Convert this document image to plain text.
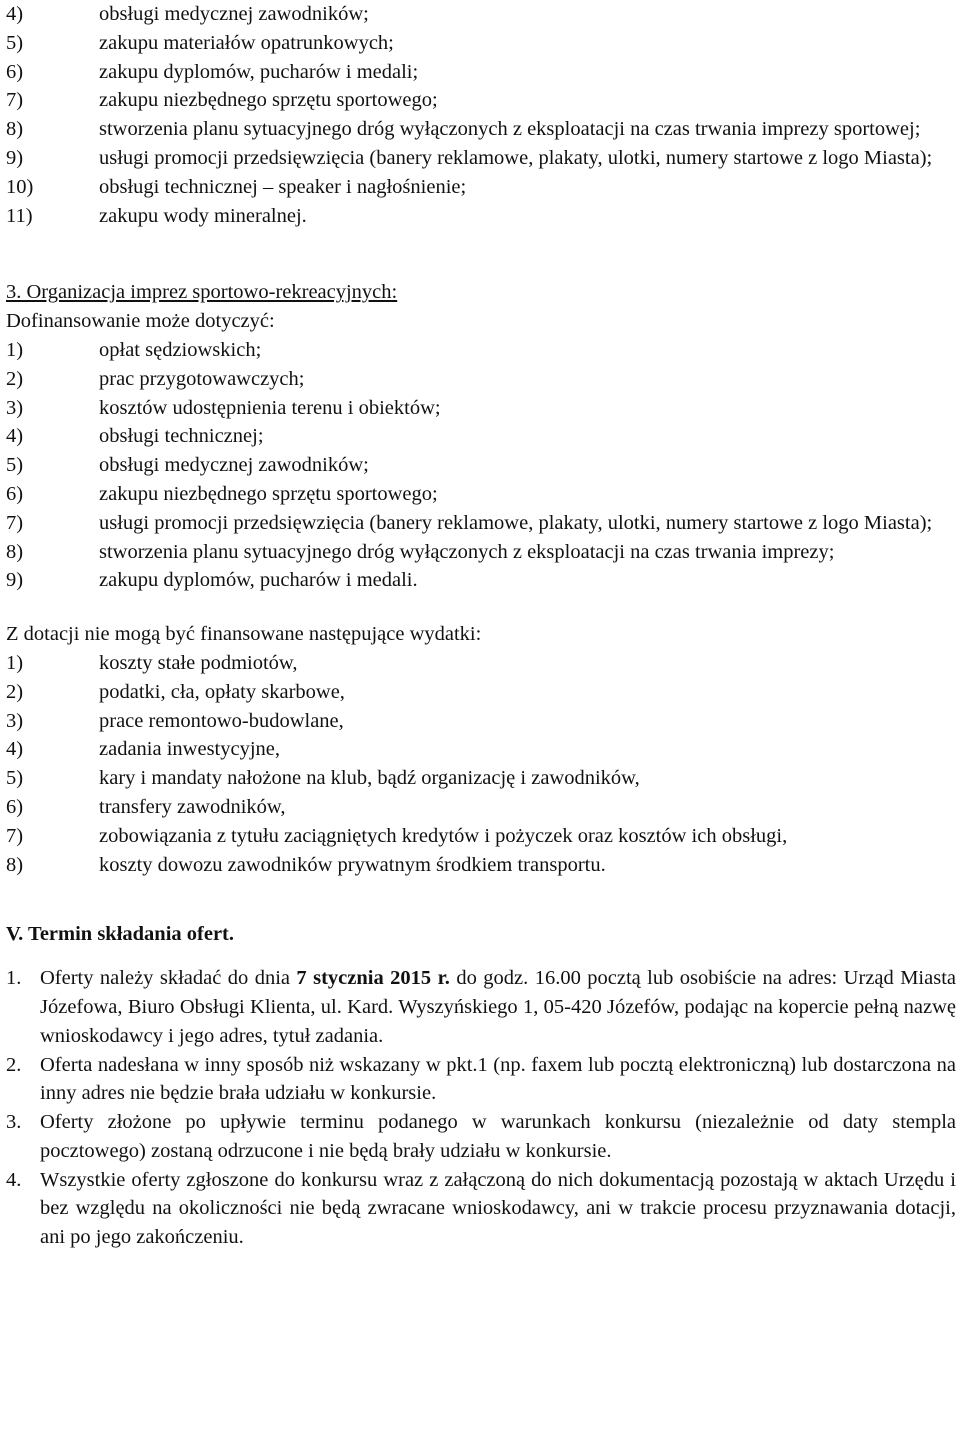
4)	obsługi medycznej zawodników;
5)	zakupu materiałów opatrunkowych;
6)	zakupu dyplomów, pucharów i medali;
7)	zakupu niezbędnego sprzętu sportowego;
8)	stworzenia planu sytuacyjnego dróg wyłączonych z eksploatacji na czas trwania imprezy sportowej;
9)	usługi promocji przedsięwzięcia (banery reklamowe, plakaty, ulotki, numery startowe z logo Miasta);
10)	obsługi technicznej – speaker i nagłośnienie;
11)	zakupu wody mineralnej.
3. Organizacja imprez sportowo-rekreacyjnych:
Dofinansowanie może dotyczyć:
1)	opłat sędziowskich;
2)	prac przygotowawczych;
3)	kosztów udostępnienia terenu i obiektów;
4)	obsługi technicznej;
5)	obsługi medycznej zawodników;
6)	zakupu niezbędnego sprzętu sportowego;
7)	usługi promocji przedsięwzięcia (banery reklamowe, plakaty, ulotki, numery startowe z logo Miasta);
8)	stworzenia planu sytuacyjnego dróg wyłączonych z eksploatacji na czas trwania imprezy;
9)	zakupu dyplomów, pucharów i medali.
Z dotacji nie mogą być finansowane następujące wydatki:
1)	koszty stałe podmiotów,
2)	podatki, cła, opłaty skarbowe,
3)	prace remontowo-budowlane,
4)	zadania inwestycyjne,
5)	kary i mandaty nałożone na klub, bądź organizację i zawodników,
6)	transfery zawodników,
7)	zobowiązania z tytułu zaciągniętych kredytów i pożyczek oraz kosztów ich obsługi,
8)	koszty dowozu zawodników prywatnym środkiem transportu.
V. Termin składania ofert.
1. Oferty należy składać do dnia 7 stycznia 2015 r. do godz. 16.00 pocztą lub osobiście na adres: Urząd Miasta Józefowa, Biuro Obsługi Klienta, ul. Kard. Wyszyńskiego 1, 05-420 Józefów, podając na kopercie pełną nazwę wnioskodawcy i jego adres, tytuł zadania.
2. Oferta nadesłana w inny sposób niż wskazany w pkt.1 (np. faxem lub pocztą elektroniczną) lub dostarczona na inny adres nie będzie brała udziału w konkursie.
3. Oferty złożone po upływie terminu podanego w warunkach konkursu (niezależnie od daty stempla pocztowego) zostaną odrzucone i nie będą brały udziału w konkursie.
4. Wszystkie oferty zgłoszone do konkursu wraz z załączoną do nich dokumentacją pozostają w aktach Urzędu i bez względu na okoliczności nie będą zwracane wnioskodawcy, ani w trakcie procesu przyznawania dotacji, ani po jego zakończeniu.
